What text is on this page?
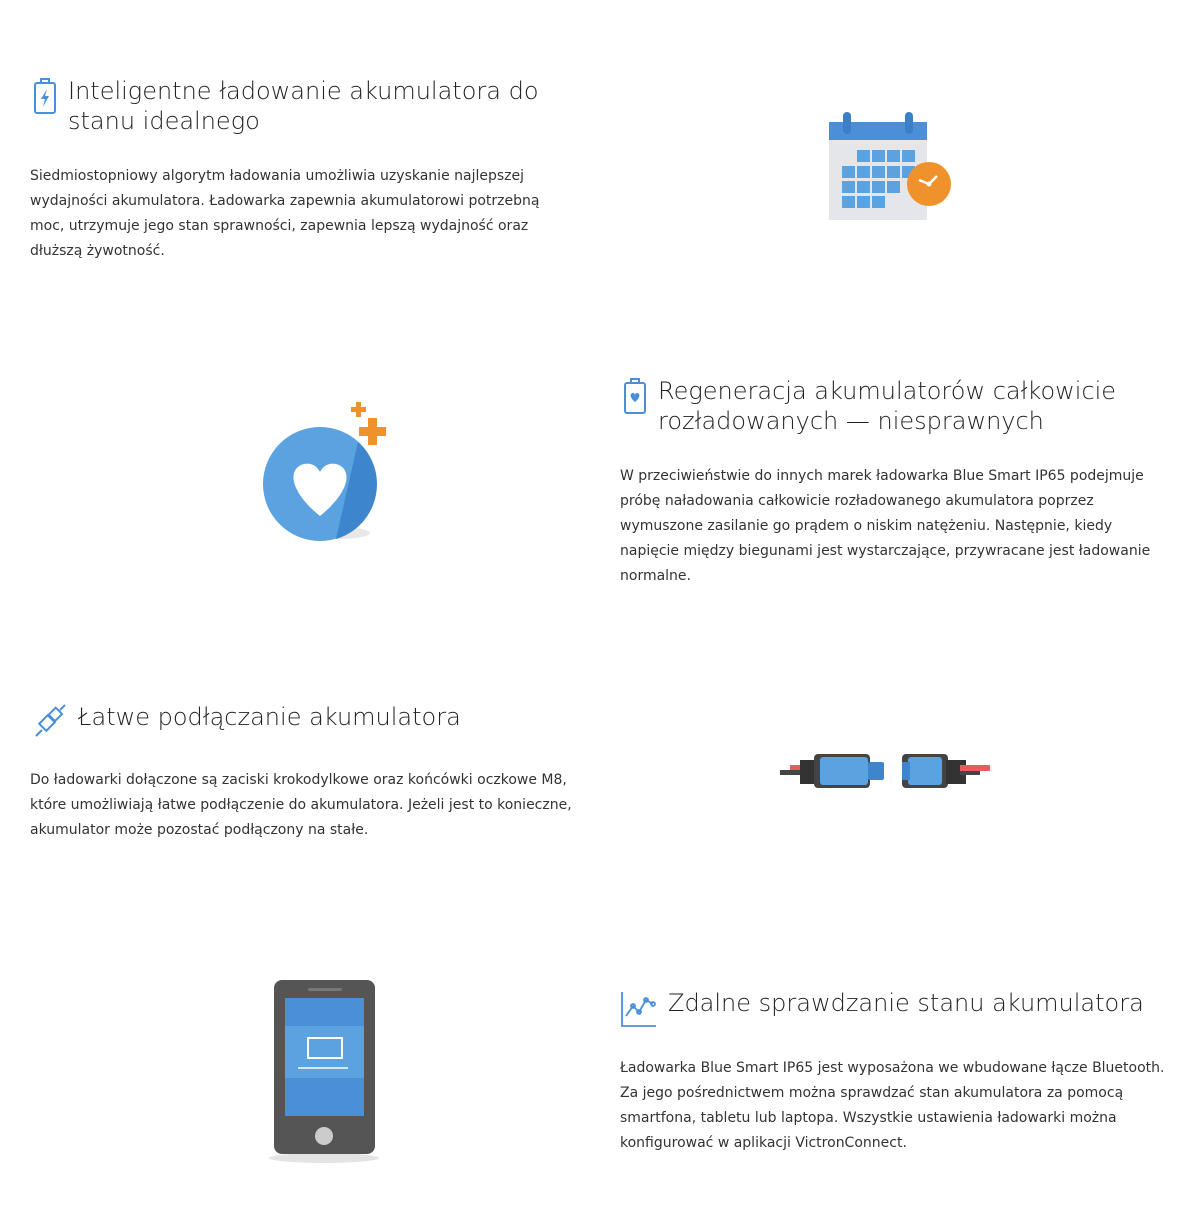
Inteligentne ładowanie akumulatora do stanu idealnego

Siedmiostopniowy algorytm ładowania umożliwia uzyskanie najlepszej wydajności akumulatora. Ładowarka zapewnia akumulatorowi potrzebną moc, utrzymuje jego stan sprawności, zapewnia lepszą wydajność oraz dłuższą żywotność.

Regeneracja akumulatorów całkowicie rozładowanych — niesprawnych

W przeciwieństwie do innych marek ładowarka Blue Smart IP65 podejmuje próbę naładowania całkowicie rozładowanego akumulatora poprzez wymuszone zasilanie go prądem o niskim natężeniu. Następnie, kiedy napięcie między biegunami jest wystarczające, przywracane jest ładowanie normalne.

Łatwe podłączanie akumulatora

Do ładowarki dołączone są zaciski krokodylkowe oraz końcówki oczkowe M8, które umożliwiają łatwe podłączenie do akumulatora. Jeżeli jest to konieczne, akumulator może pozostać podłączony na stałe.

Zdalne sprawdzanie stanu akumulatora

Ładowarka Blue Smart IP65 jest wyposażona we wbudowane łącze Bluetooth. Za jego pośrednictwem można sprawdzać stan akumulatora za pomocą smartfona, tabletu lub laptopa. Wszystkie ustawienia ładowarki można konfigurować w aplikacji VictronConnect.
